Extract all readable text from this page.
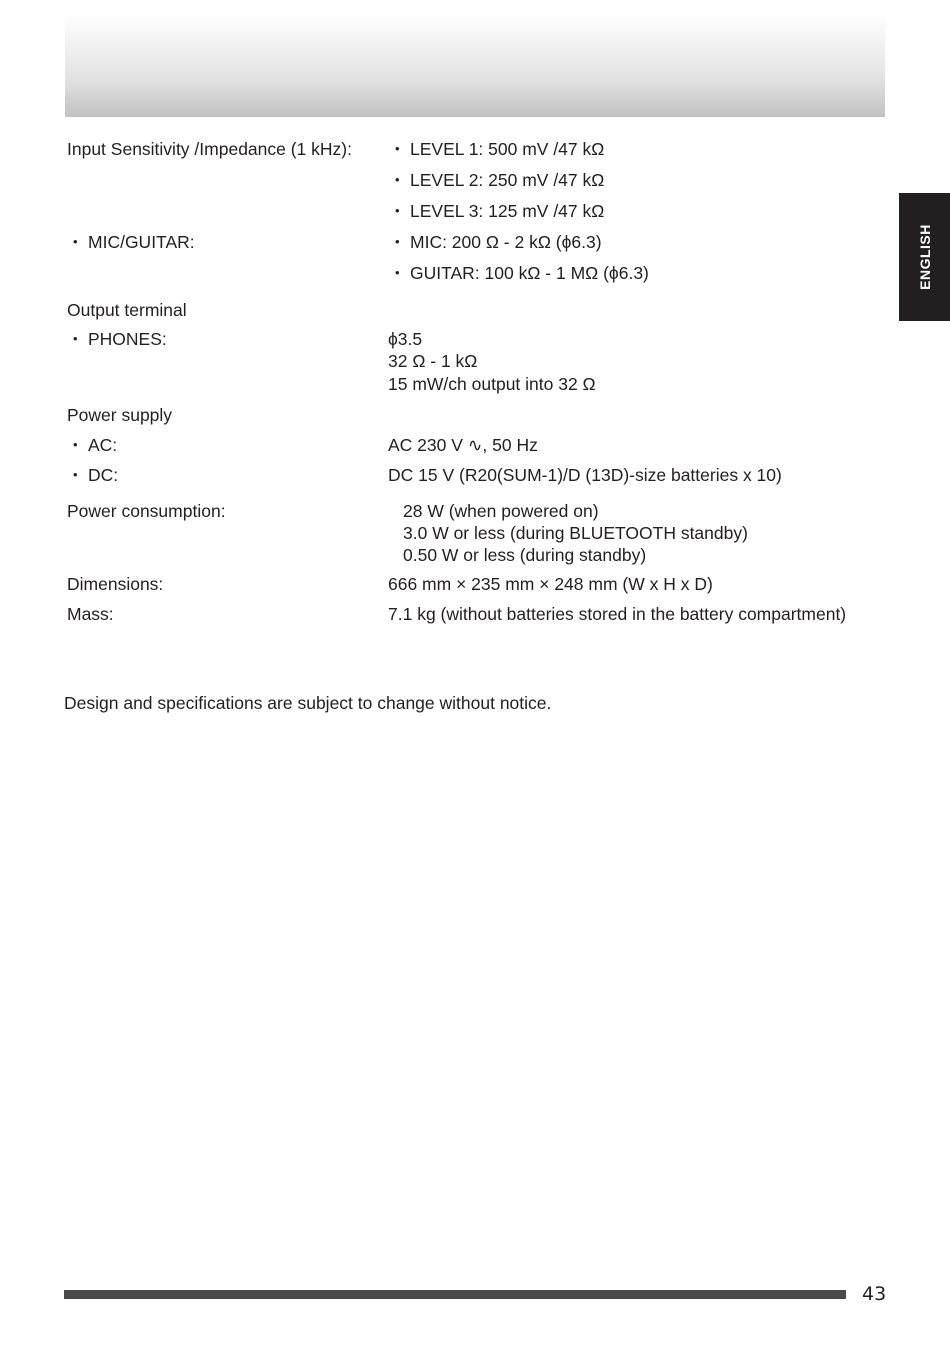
ENGLISH
Input Sensitivity /Impedance (1 kHz):	• LEVEL 1: 500 mV /47 kΩ
• LEVEL 2: 250 mV /47 kΩ
• LEVEL 3: 125 mV /47 kΩ
• MIC/GUITAR:	• MIC: 200 Ω - 2 kΩ (ϕ6.3)
• GUITAR: 100 kΩ - 1 MΩ (ϕ6.3)
Output terminal
• PHONES:	ϕ3.5
32 Ω - 1 kΩ
15 mW/ch output into 32 Ω
Power supply
• AC:	AC 230 V ∿, 50 Hz
• DC:	DC 15 V (R20(SUM-1)/D (13D)-size batteries x 10)
Power consumption:	28 W (when powered on)
3.0 W or less (during BLUETOOTH standby)
0.50 W or less (during standby)
Dimensions:	666 mm × 235 mm × 248 mm (W x H x D)
Mass:	7.1 kg (without batteries stored in the battery compartment)
Design and specifications are subject to change without notice.
43
